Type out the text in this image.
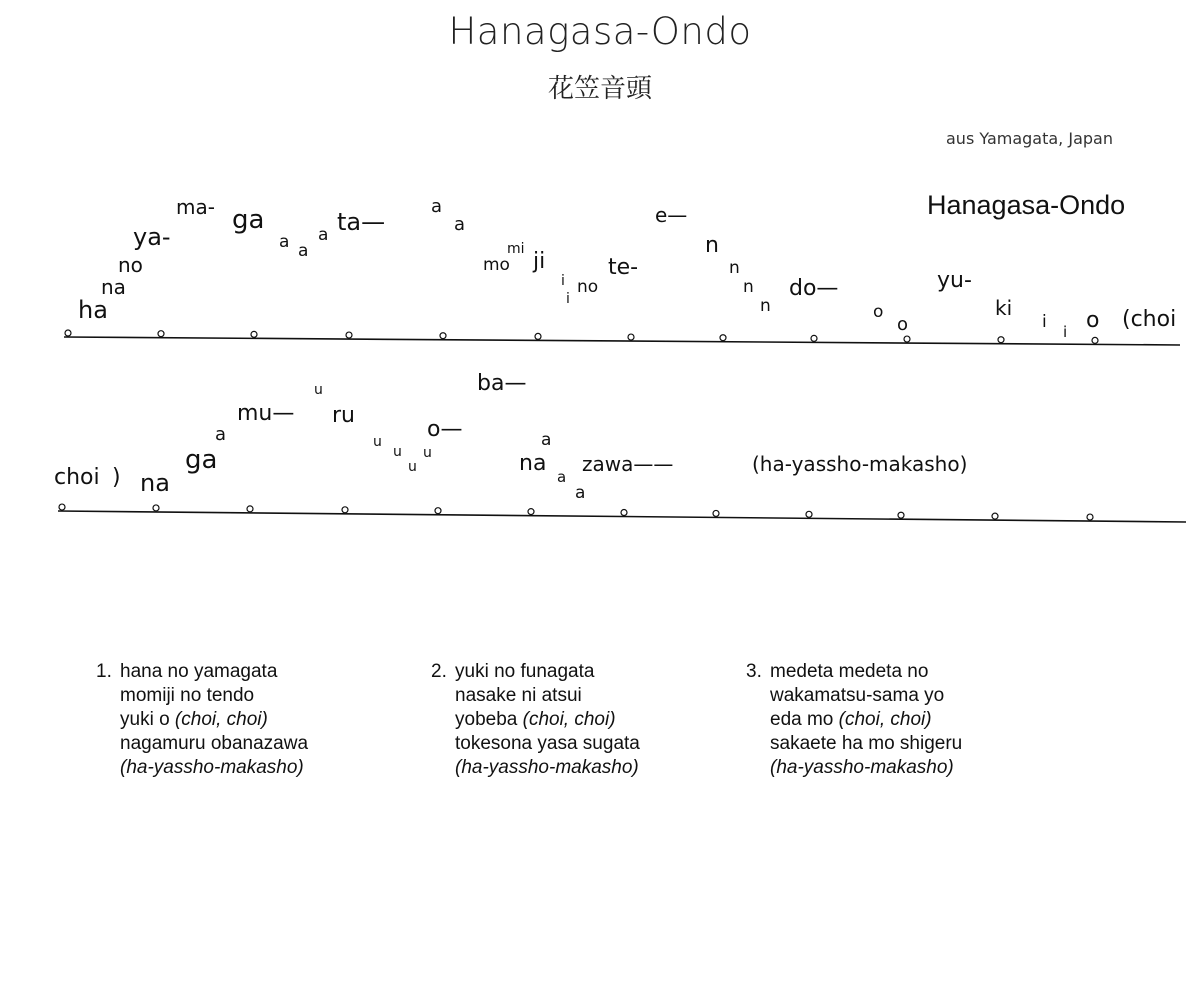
Hanagasa-Ondo
花笠音頭
aus Yamagata, Japan
Hanagasa-Ondo
ha
na
no
ya-
ma- ga
a a
a ta—
a
a
mo
mi ji
i
i
no
te-
e—
n
n
n
n
do—
o
o
yu-
ki
i i o (choi
choi ) na
ga
a
mu—
u
ru
u
u
u
u
o—
ba—
a
na
a
a
zawa——	(ha-yassho-makasho)
1. hana no yamagata
momiji no tendo
yuki o (choi, choi)
nagamuru obanazawa
(ha-yassho-makasho)
2. yuki no funagata
nasake ni atsui
yobeba (choi, choi)
tokesona yasa sugata
(ha-yassho-makasho)
3. medeta medeta no
wakamatsu-sama yo
eda mo (choi, choi)
sakaete ha mo shigeru
(ha-yassho-makasho)
